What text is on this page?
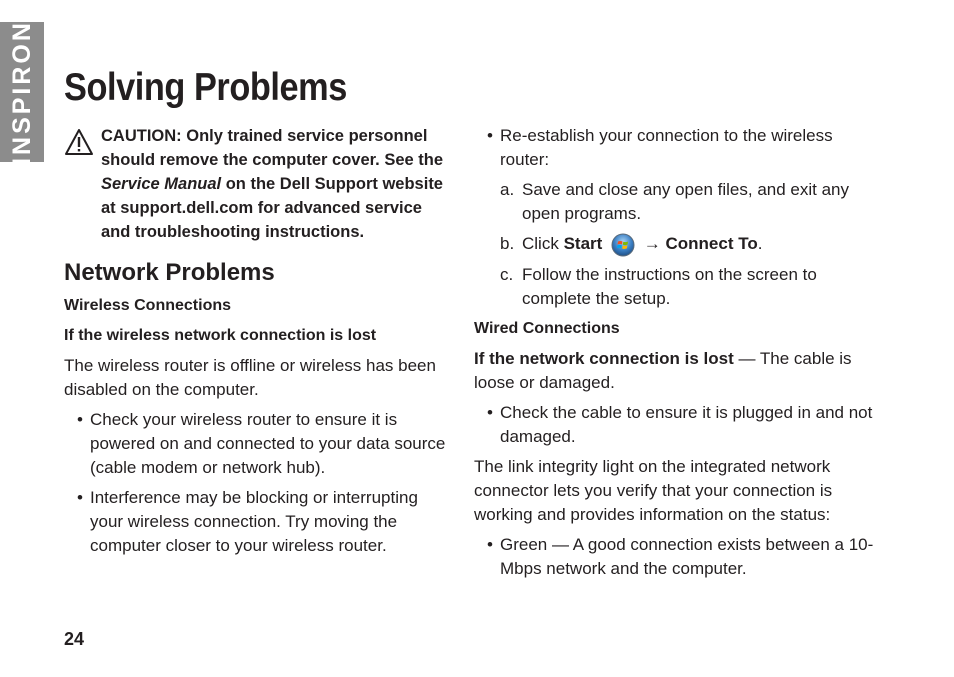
INSPIRON Solving Problems
CAUTION: Only trained service personnel should remove the computer cover. See the Service Manual on the Dell Support website at support.dell.com for advanced service and troubleshooting instructions.
Network Problems
Wireless Connections
If the wireless network connection is lost

The wireless router is offline or wireless has been disabled on the computer.

• Check your wireless router to ensure it is powered on and connected to your data source (cable modem or network hub).
• Interference may be blocking or interrupting your wireless connection. Try moving the computer closer to your wireless router.
• Re-establish your connection to the wireless router:
a. Save and close any open files, and exit any open programs.
b. Click Start  → Connect To.
c. Follow the instructions on the screen to complete the setup.
Wired Connections

If the network connection is lost — The cable is loose or damaged.

• Check the cable to ensure it is plugged in and not damaged.

The link integrity light on the integrated network connector lets you verify that your connection is working and provides information on the status:

• Green — A good connection exists between a 10-Mbps network and the computer.
24
